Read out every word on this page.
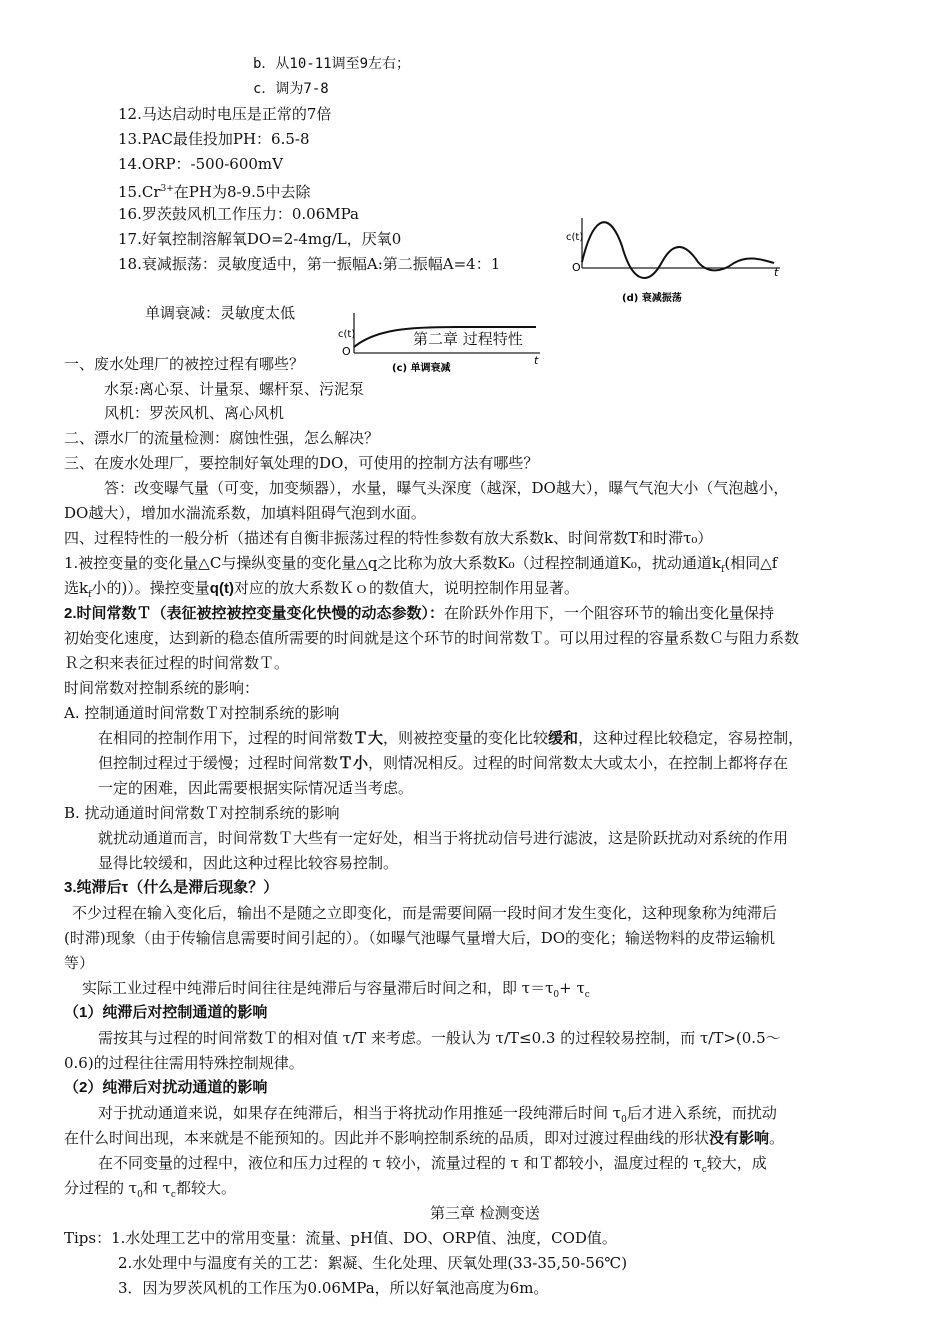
b．从10-11调至9左右；
c．调为7-8
12.马达启动时电压是正常的7倍
13.PAC最佳投加PH：6.5-8
14.ORP：-500-600mV
$15.Cr^{3+}$在PH为8-9.5中去除
16.罗茨鼓风机工作压力：0.06MPa
17.好氧控制溶解氧DO=2-4mg/L，厌氧0
18.衰减振荡：灵敏度适中，第一振幅A:第二振幅A=4：1
单调衰减：灵敏度太低
c(t)
O	t
(d) 衰减振荡
c(t)
O
t
(c) 单调衰减
第二章 过程特性
一、废水处理厂的被控过程有哪些？
水泵:离心泵、计量泵、螺杆泵、污泥泵
风机：罗茨风机、离心风机
二、漂水厂的流量检测：腐蚀性强，怎么解决？
三、在废水处理厂，要控制好氧处理的DO，可使用的控制方法有哪些？
答：改变曝气量（可变，加变频器），水量，曝气头深度（越深，DO越大），曝气气泡大小（气泡越小，
DO越大），增加水湍流系数，加填料阻碍气泡到水面。
四、过程特性的一般分析（描述有自衡非振荡过程的特性参数有放大系数k、时间常数T和时滞τ₀）
1.被控变量的变化量△C与操纵变量的变化量△q之比称为放大系数K₀（过程控制通道K₀，扰动通道$k_f$(相同△f
选$k_f$小的)）。操控变量q(t)对应的放大系数Ｋｏ的数值大，说明控制作用显著。
2.时间常数Ｔ（表征被控被控变量变化快慢的动态参数）：在阶跃外作用下，一个阻容环节的输出变化量保持
初始变化速度，达到新的稳态值所需要的时间就是这个环节的时间常数Ｔ。可以用过程的容量系数Ｃ与阻力系数
Ｒ之积来表征过程的时间常数Ｔ。
时间常数对控制系统的影响：
A. 控制通道时间常数Ｔ对控制系统的影响
在相同的控制作用下，过程的时间常数Ｔ大，则被控变量的变化比较缓和，这种过程比较稳定，容易控制，
但控制过程过于缓慢；过程时间常数Ｔ小，则情况相反。过程的时间常数太大或太小，在控制上都将存在
一定的困难，因此需要根据实际情况适当考虑。
B. 扰动通道时间常数Ｔ对控制系统的影响
就扰动通道而言，时间常数Ｔ大些有一定好处，相当于将扰动信号进行滤波，这是阶跃扰动对系统的作用
显得比较缓和，因此这种过程比较容易控制。
3.纯滞后τ（什么是滞后现象？）
不少过程在输入变化后，输出不是随之立即变化，而是需要间隔一段时间才发生变化，这种现象称为纯滞后
(时滞)现象（由于传输信息需要时间引起的）。（如曝气池曝气量增大后，DO的变化；输送物料的皮带运输机
等）
实际工业过程中纯滞后时间往往是纯滞后与容量滞后时间之和，即 $\tau=\tau_0+ \tau_c$
（1）纯滞后对控制通道的影响
需按其与过程的时间常数Ｔ的相对值 τ/T 来考虑。一般认为 τ/T≤0.3 的过程较易控制，而 τ/T>(0.5～
0.6)的过程往往需用特殊控制规律。
（2）纯滞后对扰动通道的影响
对于扰动通道来说，如果存在纯滞后，相当于将扰动作用推延一段纯滞后时间 $\tau_0$后才进入系统，而扰动
在什么时间出现，本来就是不能预知的。因此并不影响控制系统的品质，即对过渡过程曲线的形状没有影响。
在不同变量的过程中，液位和压力过程的 τ 较小，流量过程的 τ 和Ｔ都较小，温度过程的 $\tau_c$较大，成
分过程的 $\tau_0$和 $\tau_c$都较大。
第三章 检测变送
Tips：1.水处理工艺中的常用变量：流量、pH值、DO、ORP值、浊度，COD值。
2.水处理中与温度有关的工艺：絮凝、生化处理、厌氧处理(33-35,50-56℃)
3．因为罗茨风机的工作压为0.06MPa，所以好氧池高度为6m。
